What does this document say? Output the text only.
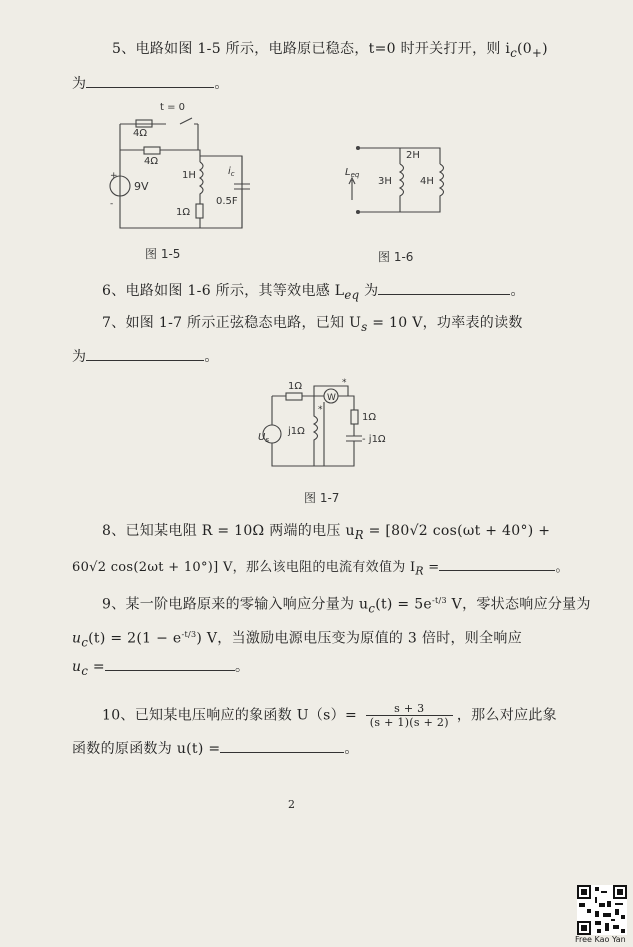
5、电路如图 1-5 所示，电路原已稳态，t=0 时开关打开，则 $i_c(0_+)$
为	。
t = 0
4Ω
4Ω
+
-
9V
1H
1Ω
$i_c$
0.5F
图 1-5
$L_{eq}$
2H
3H	4H
图 1-6
6、电路如图 1-6 所示，其等效电感 $L_{eq}$ 为	。
7、如图 1-7 所示正弦稳态电路，已知 $U_s = 10$ V，功率表的读数
为	。
1Ω
W
*
*
$U_s$
j1Ω
1Ω
- j1Ω
图 1-7
8、已知某电阻 R = 10Ω 两端的电压 $u_R = [80√2$ cos(ωt + 40°) +
60√2 cos(2ωt + 10°)] V，那么该电阻的电流有效值为 $I_R$ =	。
9、某一阶电路原来的零输入响应分量为 $u_c(t) = 5e^{-t/3}$ V，零状态响应分量为
$u_c(t) = 2(1 - e^{-t/3})$ V，当激励电源电压变为原值的 3 倍时，则全响应
$u_c$ =	。
10、已知某电压响应的象函数 $U(s)= \frac{s + 3}{(s + 1)(s + 2)}$ ，那么对应此象
函数的原函数为 u(t) =	。
2
Free Kao Yan
